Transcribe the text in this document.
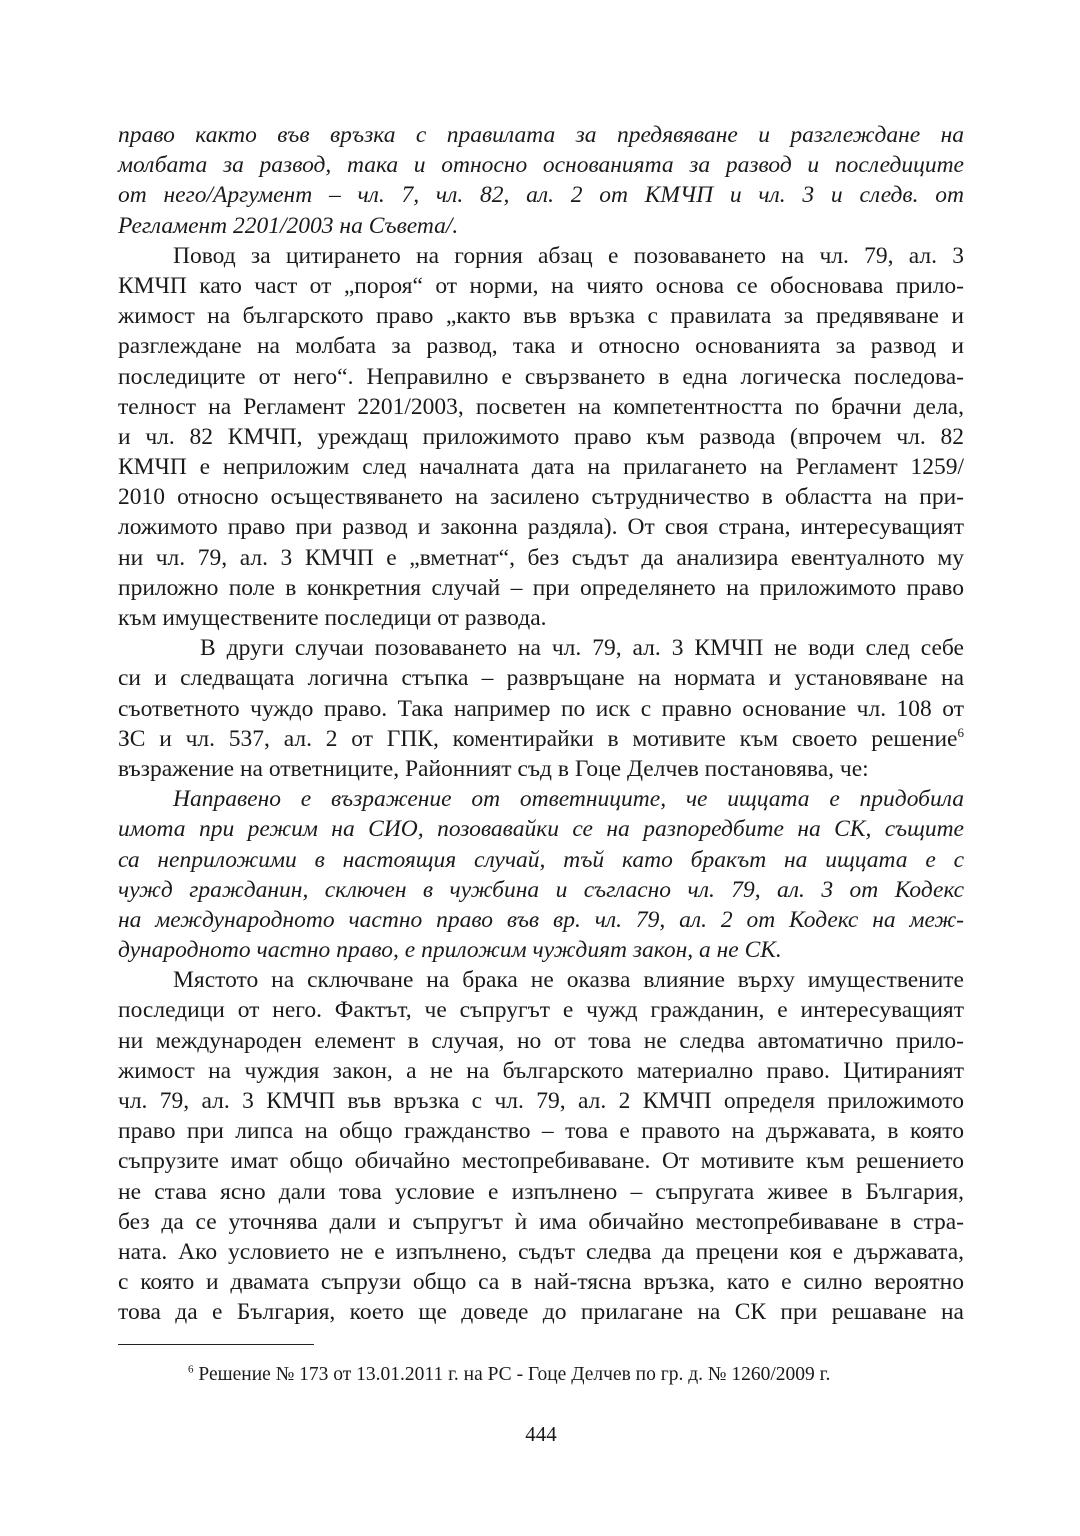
право както във връзка с правилата за предявяване и разглеждане на
молбата за развод, така и относно основанията за развод и последиците
от него/Аргумент – чл. 7, чл. 82, ал. 2 от КМЧП и чл. 3 и следв. от
Регламент 2201/2003 на Съвета/.
Повод за цитирането на горния абзац е позоваването на чл. 79, ал. 3
КМЧП като част от „пороя“ от норми, на чиято основа се обосновава прило-
жимост на българското право „както във връзка с правилата за предявяване и
разглеждане на молбата за развод, така и относно основанията за развод и
последиците от него“. Неправилно е свързването в една логическа последова-
телност на Регламент 2201/2003, посветен на компетентността по брачни дела,
и чл. 82 КМЧП, уреждащ приложимото право към развода (впрочем чл. 82
КМЧП е неприложим след началната дата на прилагането на Регламент 1259/
2010 относно осъществяването на засилено сътрудничество в областта на при-
ложимото право при развод и законна раздяла). От своя страна, интересуващият
ни чл. 79, ал. 3 КМЧП е „вметнат“, без съдът да анализира евентуалното му
приложно поле в конкретния случай – при определянето на приложимото право
към имуществените последици от развода.
В други случаи позоваването на чл. 79, ал. 3 КМЧП не води след себе
си и следващата логична стъпка – развръщане на нормата и установяване на
съответното чуждо право. Така например по иск с правно основание чл. 108 от
ЗС и чл. 537, ал. 2 от ГПК, коментирайки в мотивите към своето решение$^6$
възражение на ответниците, Районният съд в Гоце Делчев постановява, че:
Направено е възражение от ответниците, че ищцата е придобила
имота при режим на СИО, позовавайки се на разпоредбите на СК, същите
са неприложими в настоящия случай, тъй като бракът на ищцата е с
чужд гражданин, сключен в чужбина и съгласно чл. 79, ал. 3 от Кодекс
на международното частно право във вр. чл. 79, ал. 2 от Кодекс на меж-
дународното частно право, е приложим чуждият закон, а не СК.
Мястото на сключване на брака не оказва влияние върху имуществените
последици от него. Фактът, че съпругът е чужд гражданин, е интересуващият
ни международен елемент в случая, но от това не следва автоматично прило-
жимост на чуждия закон, а не на българското материално право. Цитираният
чл. 79, ал. 3 КМЧП във връзка с чл. 79, ал. 2 КМЧП определя приложимото
право при липса на общо гражданство – това е правото на държавата, в която
съпрузите имат общо обичайно местопребиваване. От мотивите към решението
не става ясно дали това условие е изпълнено – съпругата живее в България,
без да се уточнява дали и съпругът ѝ има обичайно местопребиваване в стра-
ната. Ако условието не е изпълнено, съдът следва да прецени коя е държавата,
с която и двамата съпрузи общо са в най-тясна връзка, като е силно вероятно
това да е България, което ще доведе до прилагане на СК при решаване на
$^6$ Решение № 173 от 13.01.2011 г. на РС - Гоце Делчев по гр. д. № 1260/2009 г.
444
